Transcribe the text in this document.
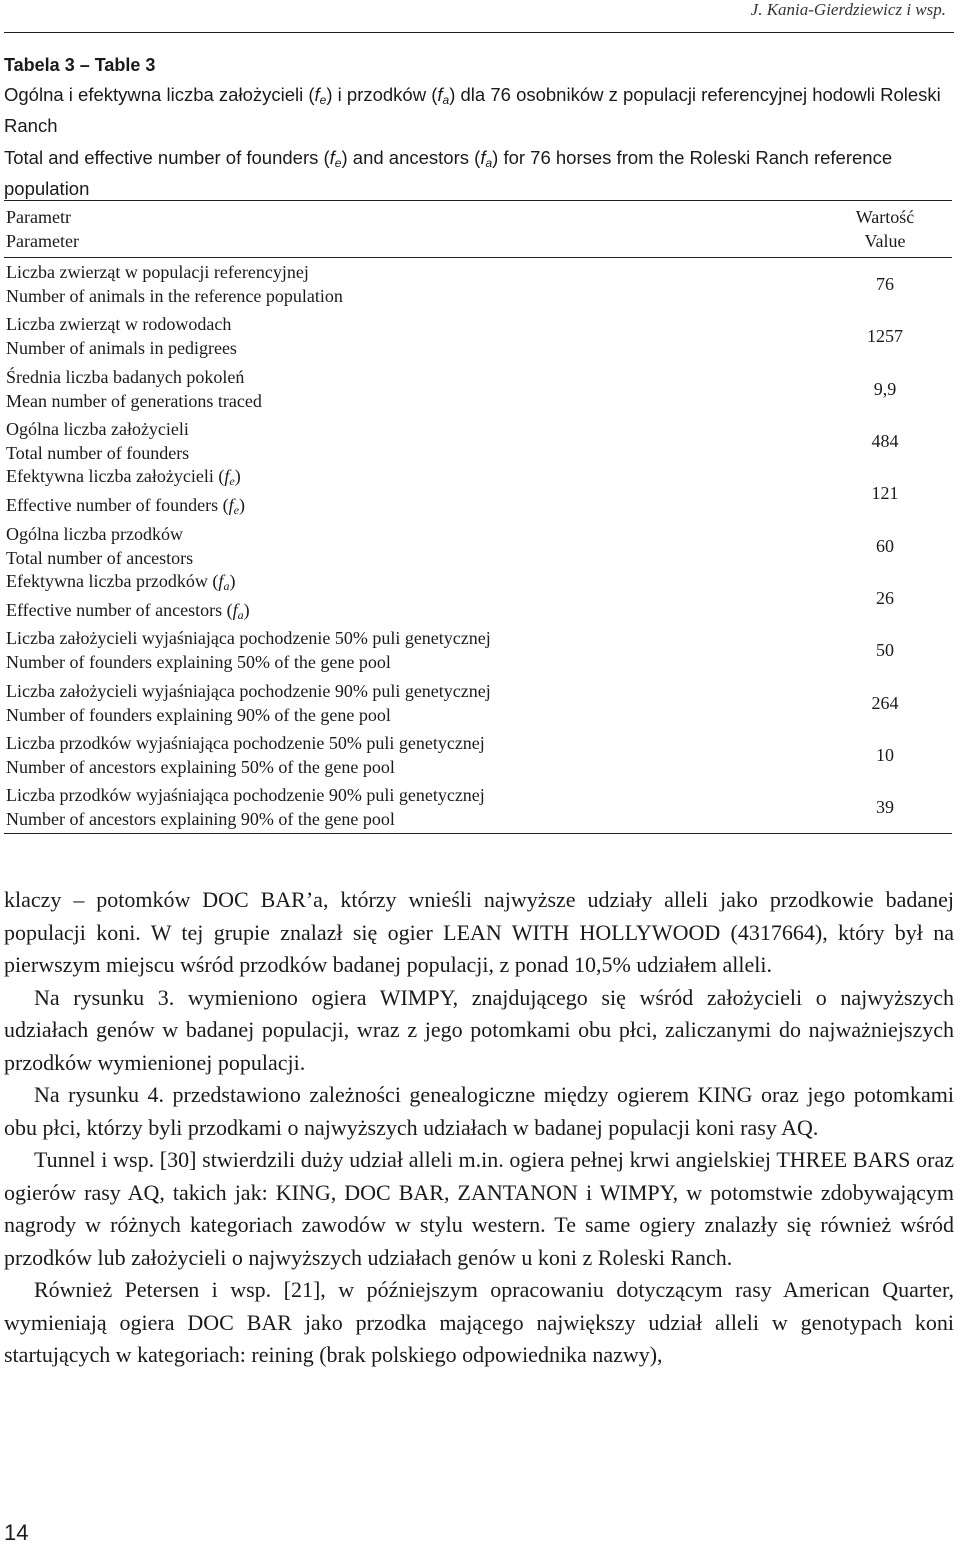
J. Kania-Gierdziewicz i wsp.
Tabela 3 – Table 3
Ogólna i efektywna liczba założycieli $(f_e)$ i przodków $(f_a)$ dla 76 osobników z populacji referencyjnej hodowli Roleski Ranch
Total and effective number of founders $(f_e)$ and ancestors $(f_a)$ for 76 horses from the Roleski Ranch reference population
Parametr
Parameter
Wartość
Value
Liczba zwierząt w populacji referencyjnej
Number of animals in the reference population
76
Liczba zwierząt w rodowodach
Number of animals in pedigrees
1257
Średnia liczba badanych pokoleń
Mean number of generations traced
9,9
Ogólna liczba założycieli
Total number of founders
484
Efektywna liczba założycieli $(f_e)$
Effective number of founders $(f_e)$
121
Ogólna liczba przodków
Total number of ancestors
60
Efektywna liczba przodków $(f_a)$
Effective number of ancestors $(f_a)$
26
Liczba założycieli wyjaśniająca pochodzenie 50% puli genetycznej
Number of founders explaining 50% of the gene pool
50
Liczba założycieli wyjaśniająca pochodzenie 90% puli genetycznej
Number of founders explaining 90% of the gene pool
264
Liczba przodków wyjaśniająca pochodzenie 50% puli genetycznej
Number of ancestors explaining 50% of the gene pool
10
Liczba przodków wyjaśniająca pochodzenie 90% puli genetycznej
Number of ancestors explaining 90% of the gene pool
39

klaczy – potomków DOC BAR’a, którzy wnieśli najwyższe udziały alleli jako przodkowie badanej populacji koni. W tej grupie znalazł się ogier LEAN WITH HOLLYWOOD (4317664), który był na pierwszym miejscu wśród przodków badanej populacji, z ponad 10,5% udziałem alleli.

Na rysunku 3. wymieniono ogiera WIMPY, znajdującego się wśród założycieli o najwyższych udziałach genów w badanej populacji, wraz z jego potomkami obu płci, zaliczanymi do najważniejszych przodków wymienionej populacji.

Na rysunku 4. przedstawiono zależności genealogiczne między ogierem KING oraz jego potomkami obu płci, którzy byli przodkami o najwyższych udziałach w badanej populacji koni rasy AQ.

Tunnel i wsp. [30] stwierdzili duży udział alleli m.in. ogiera pełnej krwi angielskiej THREE BARS oraz ogierów rasy AQ, takich jak: KING, DOC BAR, ZANTANON i WIMPY, w potomstwie zdobywającym nagrody w różnych kategoriach zawodów w stylu western. Te same ogiery znalazły się również wśród przodków lub założycieli o najwyższych udziałach genów u koni z Roleski Ranch.

Również Petersen i wsp. [21], w późniejszym opracowaniu dotyczącym rasy American Quarter, wymieniają ogiera DOC BAR jako przodka mającego największy udział alleli w genotypach koni startujących w kategoriach: reining (brak polskiego odpowiednika nazwy),

14
